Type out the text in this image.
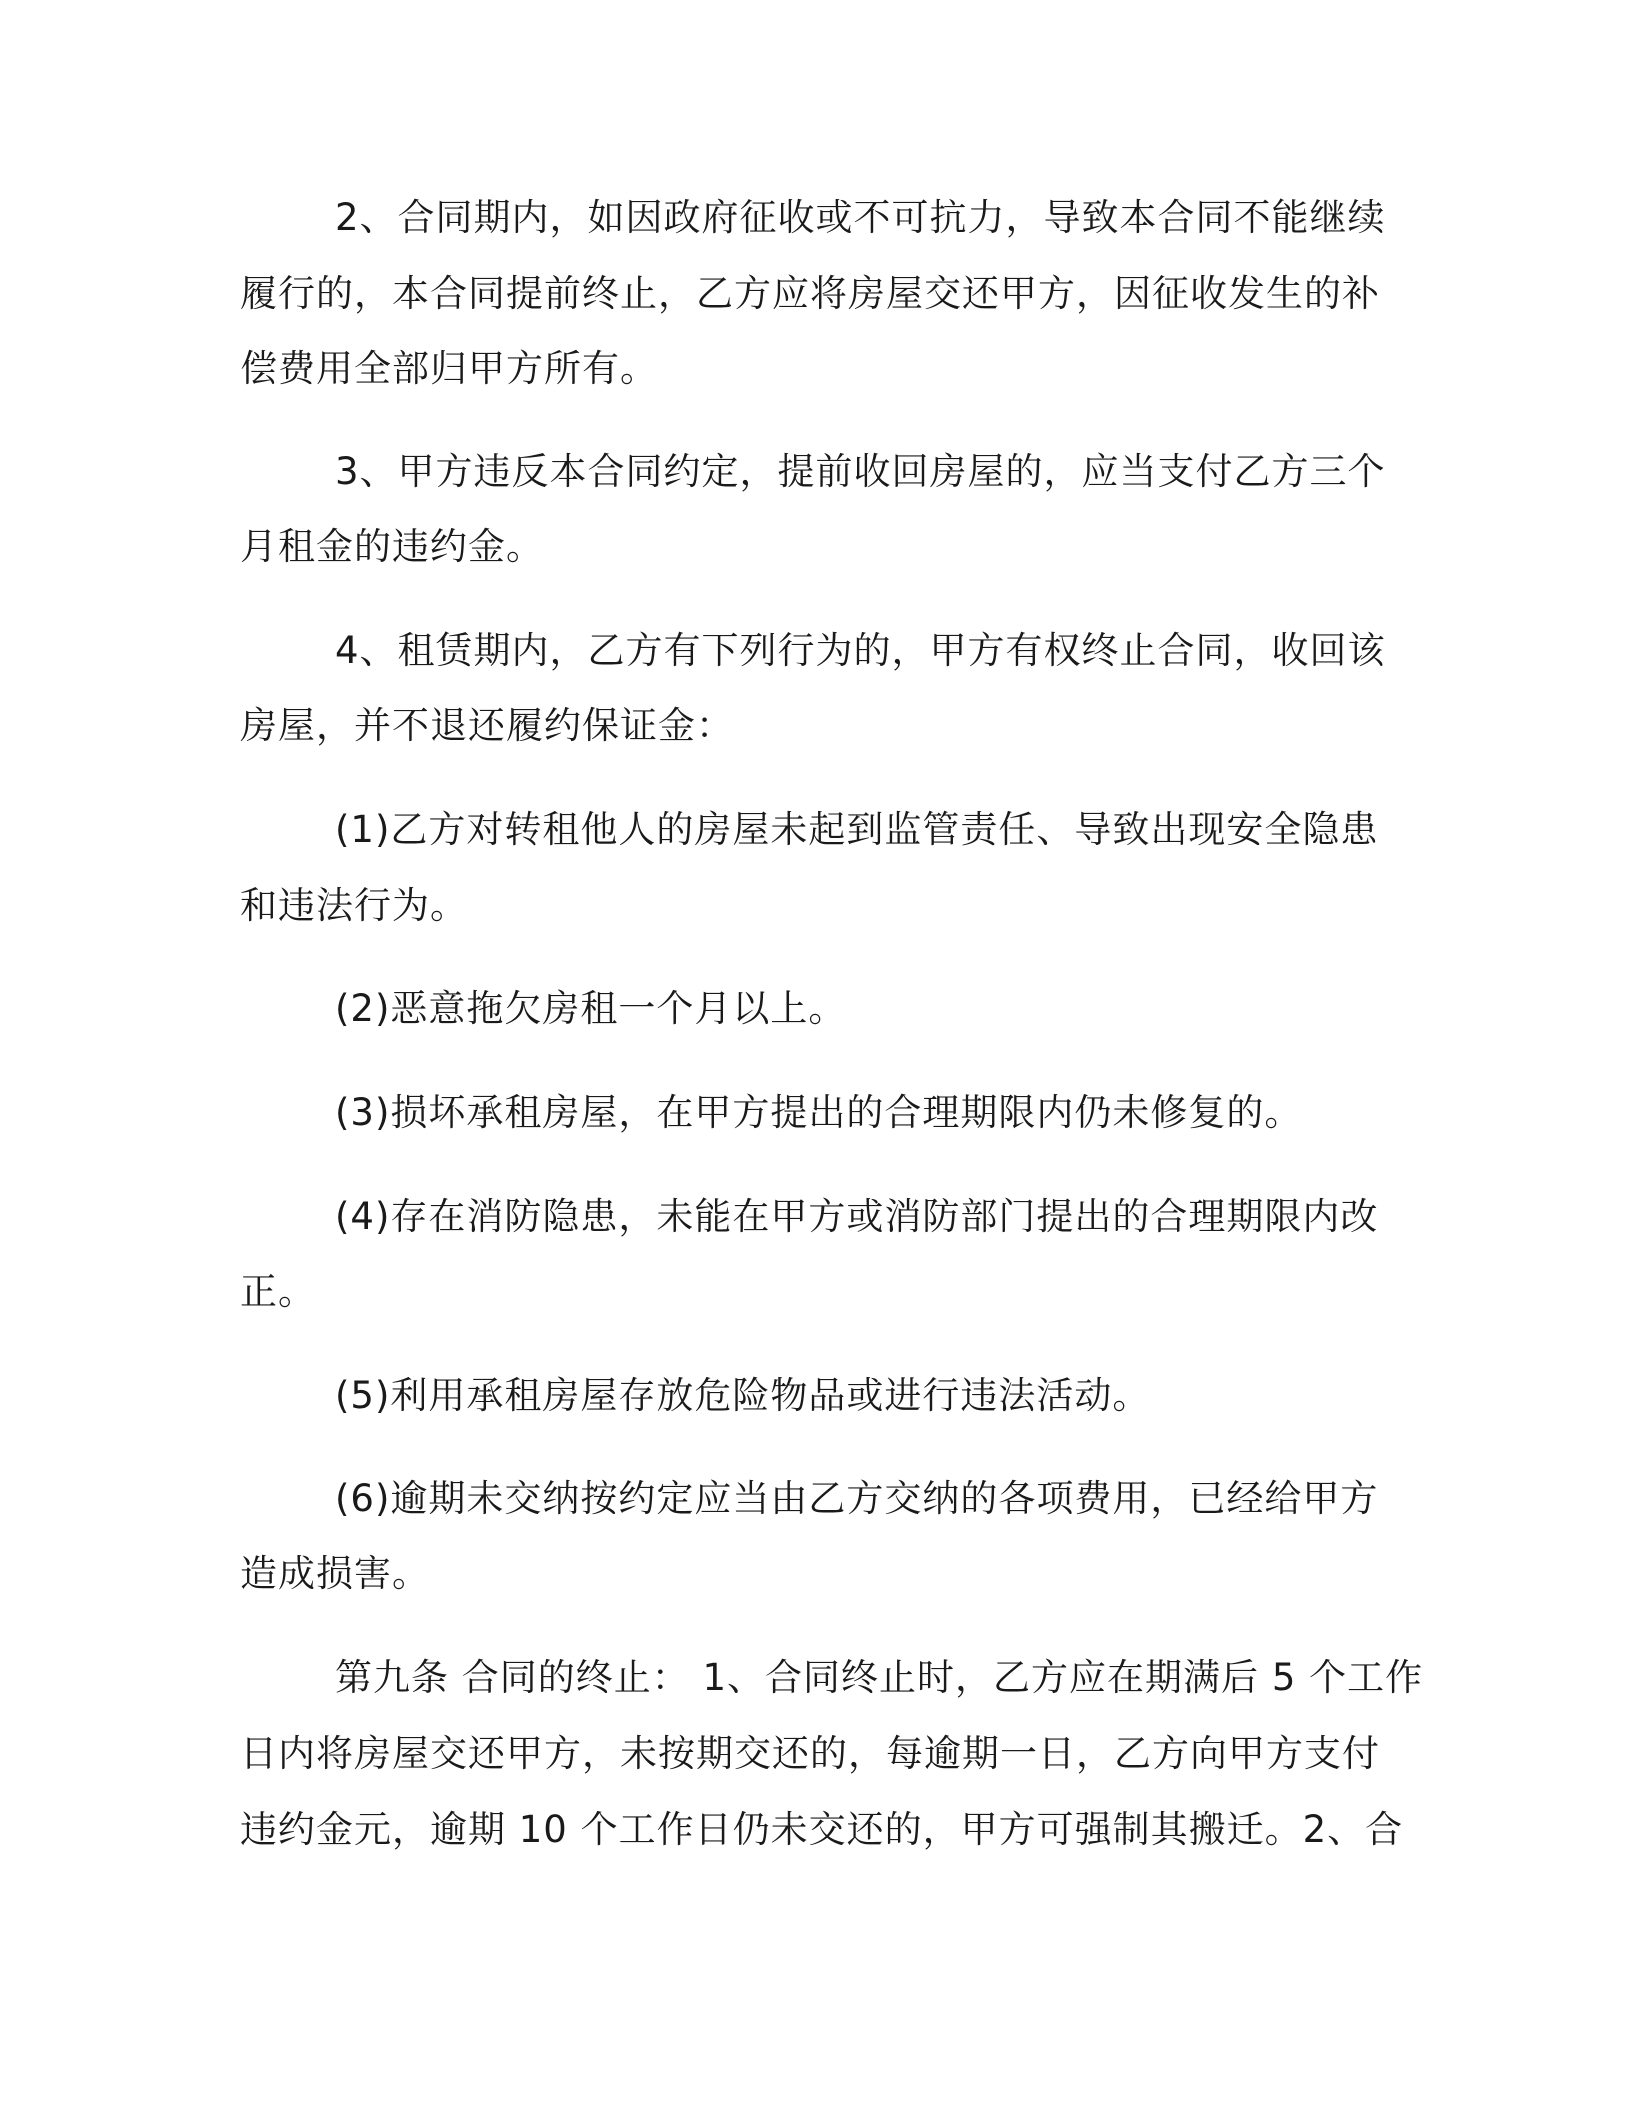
2、合同期内，如因政府征收或不可抗力，导致本合同不能继续
履行的，本合同提前终止，乙方应将房屋交还甲方，因征收发生的补
偿费用全部归甲方所有。
3、甲方违反本合同约定，提前收回房屋的，应当支付乙方三个
月租金的违约金。
4、租赁期内，乙方有下列行为的，甲方有权终止合同，收回该
房屋，并不退还履约保证金：
(1)乙方对转租他人的房屋未起到监管责任、导致出现安全隐患
和违法行为。
(2)恶意拖欠房租一个月以上。
(3)损坏承租房屋，在甲方提出的合理期限内仍未修复的。
(4)存在消防隐患，未能在甲方或消防部门提出的合理期限内改
正。
(5)利用承租房屋存放危险物品或进行违法活动。
(6)逾期未交纳按约定应当由乙方交纳的各项费用，已经给甲方
造成损害。
第九条 合同的终止： 1、合同终止时，乙方应在期满后 5 个工作
日内将房屋交还甲方，未按期交还的，每逾期一日，乙方向甲方支付
违约金元，逾期 10 个工作日仍未交还的，甲方可强制其搬迁。2、合
